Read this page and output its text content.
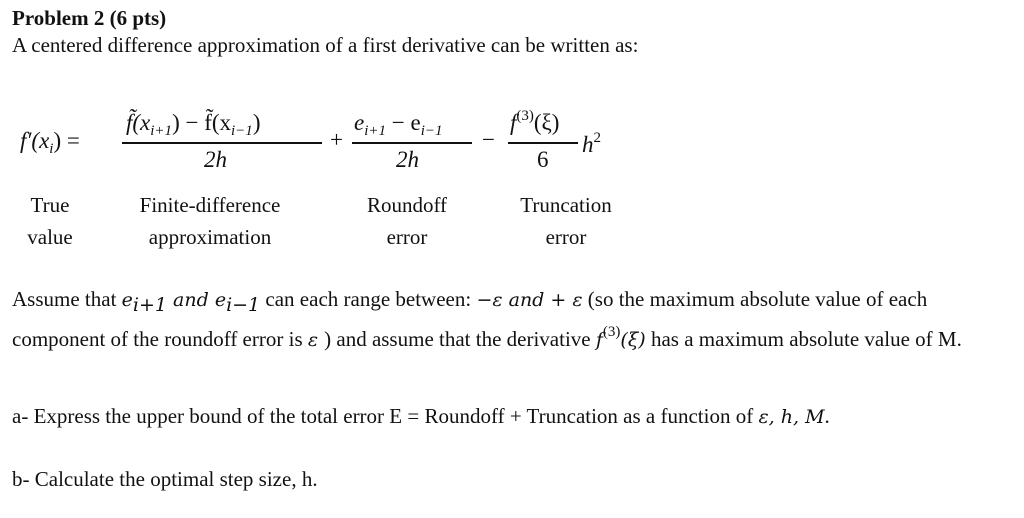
Problem 2 (6 pts)
A centered difference approximation of a first derivative can be written as:
$f'(x_i)$ =
$f̃(x_{i+1})$ − $f̃(x_{i-1})$
2h
+
$e_{i+1} - e_{i-1}$
2h
−
$f^{(3)}(\xi)$
6
$h^2$
True
value
Finite-difference
approximation
Roundoff
error
Truncation
error
Assume that ei+1 and ei−1 can each range between: −ε and + ε (so the maximum absolute value of each component of the roundoff error is ε ) and assume that the derivative $f^{(3)}(\xi)$ has a maximum absolute value of M.
a- Express the upper bound of the total error E = Roundoff + Truncation as a function of ε, h, M.
b- Calculate the optimal step size, h.
